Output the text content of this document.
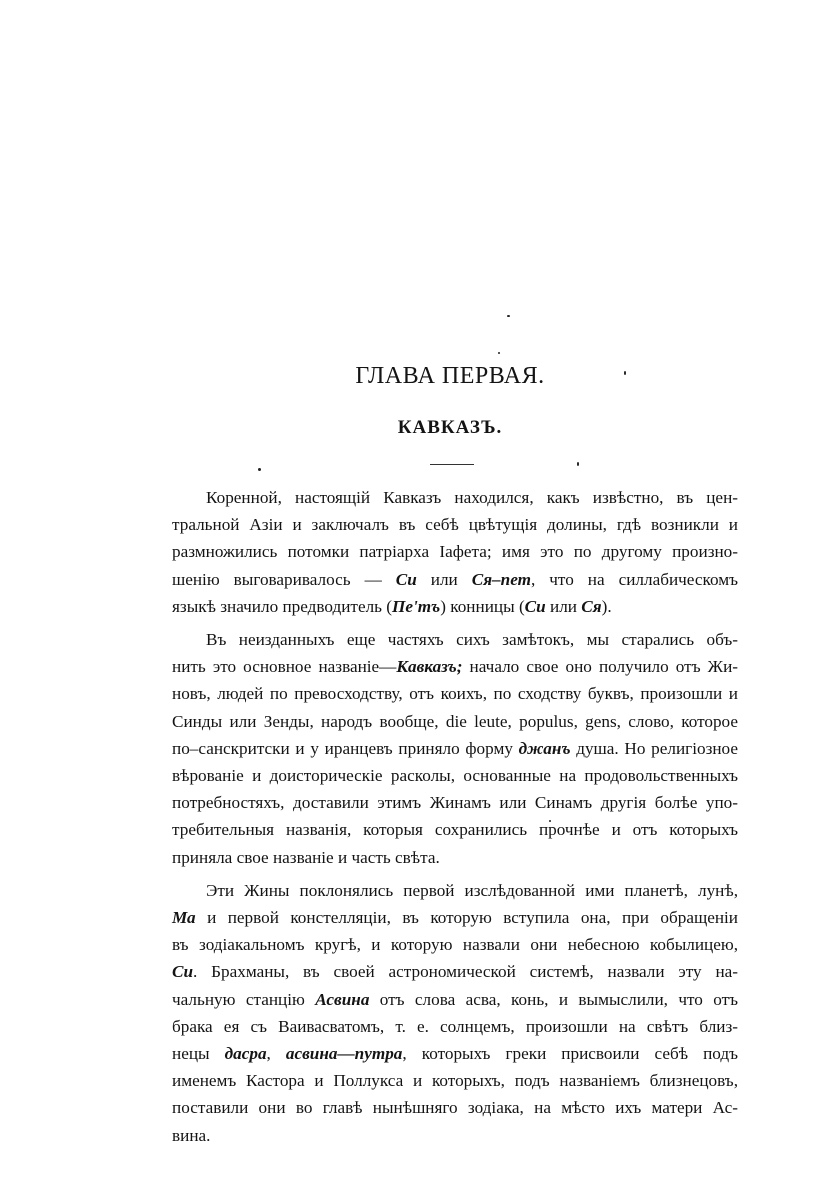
ГЛАВА ПЕРВАЯ.
КАВКАЗЪ.
Коренной, настоящій Кавказъ находился, какъ извѣстно, въ цен-
тральной Азіи и заключалъ въ себѣ цвѣтущія долины, гдѣ возникли и
размножились потомки патріарха Іафета; имя это по другому произно-
шенію выговаривалось — Си или Ся–пет, что на силлабическомъ
языкѣ значило предводитель (Пе'тъ) конницы (Си или Ся).
Въ неизданныхъ еще частяхъ сихъ замѣтокъ, мы старались объ-
нить это основное названіе—Кавказъ; начало свое оно получило отъ Жи-
новъ, людей по превосходству, отъ коихъ, по сходству буквъ, произошли и
Синды или Зенды, народъ вообще, die leute, populus, gens, слово, которое
по–санскритски и у иранцевъ приняло форму джанъ душа. Но религіозное
вѣрованіе и доисторическіе расколы, основанные на продовольственныхъ
потребностяхъ, доставили этимъ Жинамъ или Синамъ другія болѣе упо-
требительныя названія, которыя сохранились прочнѣе и отъ которыхъ
приняла свое названіе и часть свѣта.
Эти Жины поклонялись первой изслѣдованной ими планетѣ, лунѣ,
Ма и первой констелляціи, въ которую вступила она, при обращеніи
въ зодіакальномъ кругѣ, и которую назвали они небесною кобылицею,
Си. Брахманы, въ своей астрономической системѣ, назвали эту на-
чальную станцію Асвина отъ слова асва, конь, и вымыслили, что отъ
брака ея съ Ваивасватомъ, т. е. солнцемъ, произошли на свѣтъ близ-
нецы дасра, асвина—путра, которыхъ греки присвоили себѣ подъ
именемъ Кастора и Поллукса и которыхъ, подъ названіемъ близнецовъ,
поставили они во главѣ нынѣшняго зодіака, на мѣсто ихъ матери Ас-
вина.
